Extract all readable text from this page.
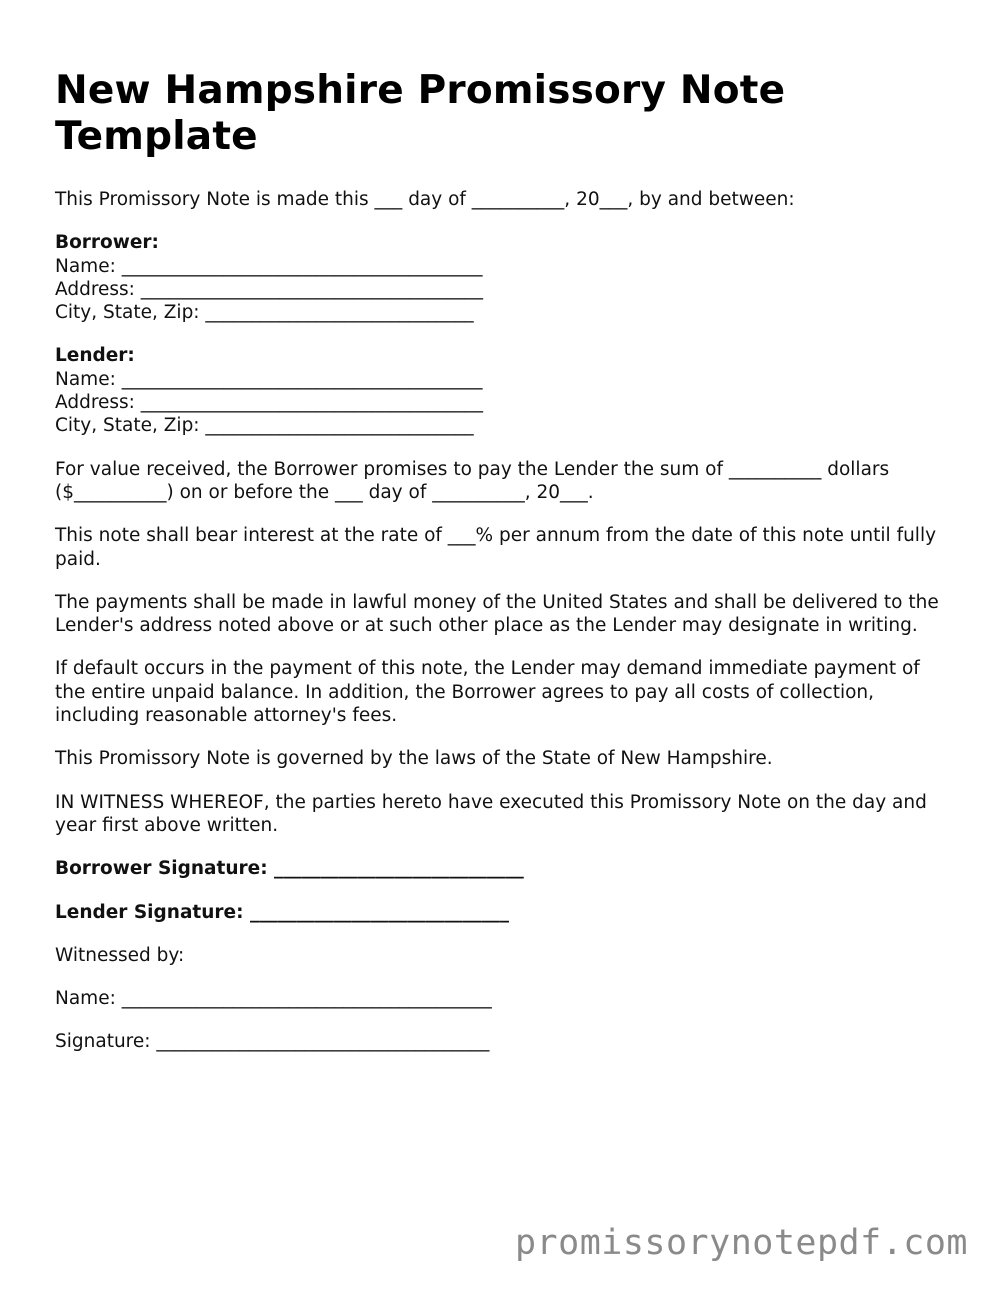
New Hampshire Promissory Note Template

This Promissory Note is made this ___ day of __________, 20___, by and between:

Borrower:
Name: _______________________________________
Address: _____________________________________
City, State, Zip: _____________________________
Lender:
Name: _______________________________________
Address: _____________________________________
City, State, Zip: _____________________________

For value received, the Borrower promises to pay the Lender the sum of __________ dollars ($__________) on or before the ___ day of __________, 20___.

This note shall bear interest at the rate of ___% per annum from the date of this note until fully paid.

The payments shall be made in lawful money of the United States and shall be delivered to the Lender's address noted above or at such other place as the Lender may designate in writing.

If default occurs in the payment of this note, the Lender may demand immediate payment of the entire unpaid balance. In addition, the Borrower agrees to pay all costs of collection, including reasonable attorney's fees.

This Promissory Note is governed by the laws of the State of New Hampshire.

IN WITNESS WHEREOF, the parties hereto have executed this Promissory Note on the day and year first above written.

Borrower Signature: ___________________________
Lender Signature: ____________________________
Witnessed by:
Name: ________________________________________
Signature: ____________________________________
promissorynotepdf.com
